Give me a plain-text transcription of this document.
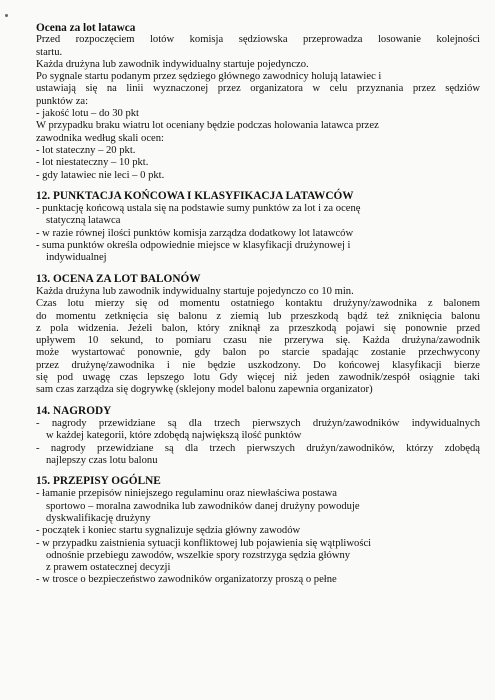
Ocena za lot latawca

Przed rozpoczęciem lotów komisja sędziowska przeprowadza losowanie kolejności

startu.

Każda drużyna lub zawodnik indywidualny startuje pojedynczo.

Po sygnale startu podanym przez sędziego głównego zawodnicy holują latawiec i

ustawiają się na linii wyznaczonej przez organizatora w celu przyznania przez sędziów

punktów za:

- jakość lotu – do 30 pkt

W przypadku braku wiatru lot oceniany będzie podczas holowania latawca przez

zawodnika według skali ocen:

- lot stateczny – 20 pkt.

- lot niestateczny – 10 pkt.

- gdy latawiec nie leci – 0 pkt.

12. PUNKTACJA KOŃCOWA I KLASYFIKACJA LATAWCÓW

- punktację końcową ustala się na podstawie sumy punktów za lot i za ocenę

statyczną latawca

- w razie równej ilości punktów komisja zarządza dodatkowy lot latawców

- suma punktów określa odpowiednie miejsce w klasyfikacji drużynowej i

indywidualnej

13. OCENA ZA LOT BALONÓW

Każda drużyna lub zawodnik indywidualny startuje pojedynczo co 10 min.

Czas lotu mierzy się od momentu ostatniego kontaktu drużyny/zawodnika z balonem

do momentu zetknięcia się balonu z ziemią lub przeszkodą bądź też zniknięcia balonu

z pola widzenia. Jeżeli balon, który zniknął za przeszkodą pojawi się ponownie przed

upływem 10 sekund, to pomiaru czasu nie przerywa się. Każda drużyna/zawodnik

może wystartować ponownie, gdy balon po starcie spadając zostanie przechwycony

przez drużynę/zawodnika i nie będzie uszkodzony. Do końcowej klasyfikacji bierze

się pod uwagę czas lepszego lotu Gdy więcej niż jeden zawodnik/zespół osiągnie taki

sam czas zarządza się dogrywkę (sklejony model balonu zapewnia organizator)

14. NAGRODY

- nagrody przewidziane są dla trzech pierwszych drużyn/zawodników indywidualnych

w każdej kategorii, które zdobędą największą ilość punktów

- nagrody przewidziane są dla trzech pierwszych drużyn/zawodników, którzy zdobędą

najlepszy czas lotu balonu

15. PRZEPISY OGÓLNE

- łamanie przepisów niniejszego regulaminu oraz niewłaściwa postawa

sportowo – moralna zawodnika lub zawodników danej drużyny powoduje

dyskwalifikację drużyny

- początek i koniec startu sygnalizuje sędzia główny zawodów

- w przypadku zaistnienia sytuacji konfliktowej lub pojawienia się wątpliwości

odnośnie przebiegu zawodów, wszelkie spory rozstrzyga sędzia główny

z prawem ostatecznej decyzji

- w trosce o bezpieczeństwo zawodników organizatorzy proszą o pełne
